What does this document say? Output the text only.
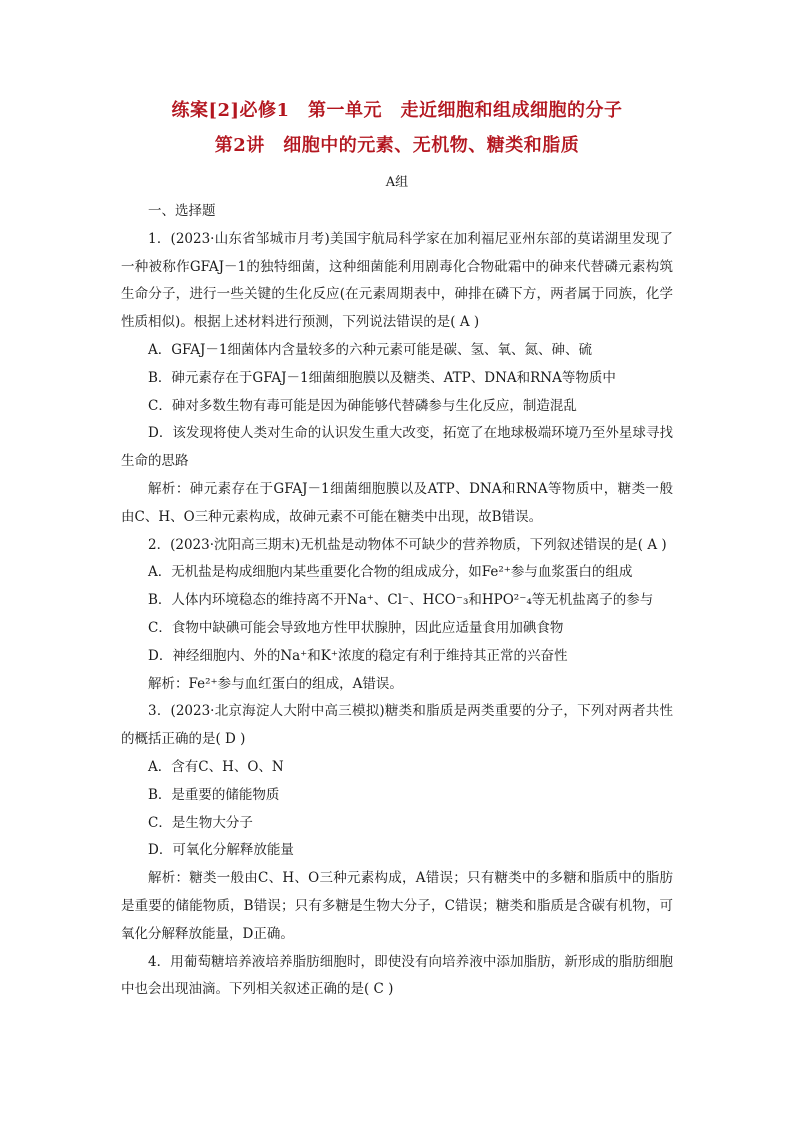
练案[2]必修1　第一单元　走近细胞和组成细胞的分子
第2讲　细胞中的元素、无机物、糖类和脂质
A组

一、选择题

1．(2023·山东省邹城市月考)美国宇航局科学家在加利福尼亚州东部的莫诺湖里发现了一种被称作GFAJ－1的独特细菌，这种细菌能利用剧毒化合物砒霜中的砷来代替磷元素构筑生命分子，进行一些关键的生化反应(在元素周期表中，砷排在磷下方，两者属于同族，化学性质相似)。根据上述材料进行预测，下列说法错误的是( A )

A．GFAJ－1细菌体内含量较多的六种元素可能是碳、氢、氧、氮、砷、硫

B．砷元素存在于GFAJ－1细菌细胞膜以及糖类、ATP、DNA和RNA等物质中

C．砷对多数生物有毒可能是因为砷能够代替磷参与生化反应，制造混乱

D．该发现将使人类对生命的认识发生重大改变，拓宽了在地球极端环境乃至外星球寻找生命的思路

解析：砷元素存在于GFAJ－1细菌细胞膜以及ATP、DNA和RNA等物质中，糖类一般由C、H、O三种元素构成，故砷元素不可能在糖类中出现，故B错误。

2．(2023·沈阳高三期末)无机盐是动物体不可缺少的营养物质，下列叙述错误的是( A )

A．无机盐是构成细胞内某些重要化合物的组成成分，如Fe²⁺参与血浆蛋白的组成

B．人体内环境稳态的维持离不开Na⁺、Cl⁻、HCO⁻₃和HPO²⁻₄等无机盐离子的参与

C．食物中缺碘可能会导致地方性甲状腺肿，因此应适量食用加碘食物

D．神经细胞内、外的Na⁺和K⁺浓度的稳定有利于维持其正常的兴奋性

解析：Fe²⁺参与血红蛋白的组成，A错误。

3．(2023·北京海淀人大附中高三模拟)糖类和脂质是两类重要的分子，下列对两者共性的概括正确的是( D )

A．含有C、H、O、N

B．是重要的储能物质

C．是生物大分子

D．可氧化分解释放能量

解析：糖类一般由C、H、O三种元素构成，A错误；只有糖类中的多糖和脂质中的脂肪是重要的储能物质，B错误；只有多糖是生物大分子，C错误；糖类和脂质是含碳有机物，可氧化分解释放能量，D正确。

4．用葡萄糖培养液培养脂肪细胞时，即使没有向培养液中添加脂肪，新形成的脂肪细胞中也会出现油滴。下列相关叙述正确的是( C )
